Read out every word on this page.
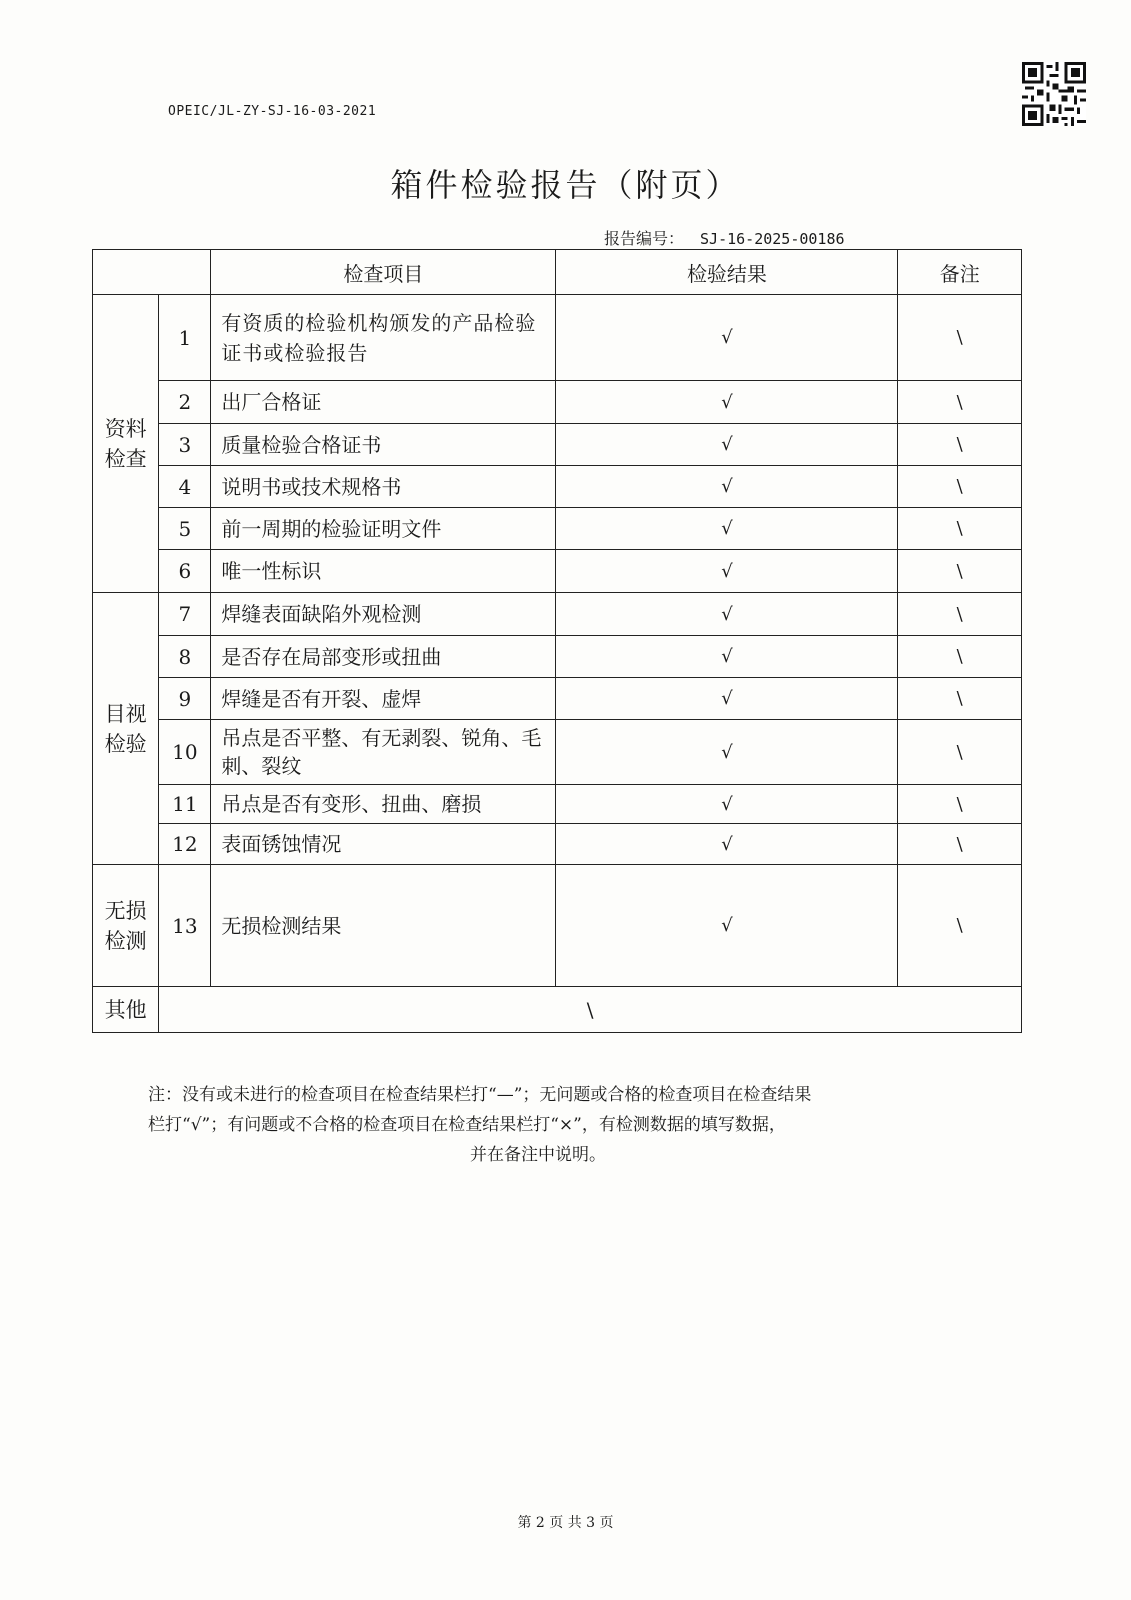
OPEIC/JL-ZY-SJ-16-03-2021
箱件检验报告（附页）
报告编号： SJ-16-2025-00186
		检查项目	检验结果	备注
资料检查	1	有资质的检验机构颁发的产品检验证书或检验报告	√	\
	2	出厂合格证	√	\
	3	质量检验合格证书	√	\
	4	说明书或技术规格书	√	\
	5	前一周期的检验证明文件	√	\
	6	唯一性标识	√	\
目视检验	7	焊缝表面缺陷外观检测	√	\
	8	是否存在局部变形或扭曲	√	\
	9	焊缝是否有开裂、虚焊	√	\
	10	吊点是否平整、有无剥裂、锐角、毛刺、裂纹	√	\
	11	吊点是否有变形、扭曲、磨损	√	\
	12	表面锈蚀情况	√	\
无损检测	13	无损检测结果	√	\
其他	\			
注：没有或未进行的检查项目在检查结果栏打“—”；无问题或合格的检查项目在检查结果
栏打“√”；有问题或不合格的检查项目在检查结果栏打“×”，有检测数据的填写数据，

并在备注中说明。
第 2 页 共 3 页
